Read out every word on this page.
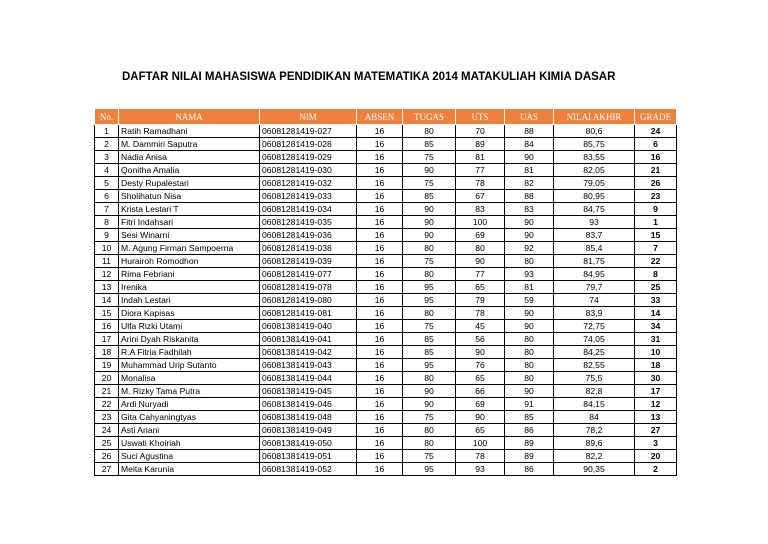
DAFTAR NILAI MAHASISWA PENDIDIKAN MATEMATIKA 2014 MATAKULIAH KIMIA DASAR
No.	NAMA	NIM	ABSEN	TUGAS	UTS	UAS	NILAI AKHIR	GRADE
1	Ratih Ramadhani	06081281419-027	16	80	70	88	80,6	24
2	M. Dammiri Saputra	06081281419-028	16	85	89	84	85,75	6
3	Nadia Anisa	06081281419-029	16	75	81	90	83,55	16
4	Qonitha Amalia	06081281419-030	16	90	77	81	82,05	21
5	Desty Rupalestari	06081281419-032	16	75	78	82	79,05	26
6	Sholihatun Nisa	06081281419-033	16	85	67	88	80,95	23
7	Krista Lestari T	06081281419-034	16	90	83	83	84,75	9
8	Fitri Indahsari	06081281419-035	16	90	100	90	93	1
9	Sesi Winarni	06081281419-036	16	90	69	90	83,7	15
10	M. Agung Firman Sampoerna	06081281419-038	16	80	80	92	85,4	7
11	Hurairoh Romodhon	06081281419-039	16	75	90	80	81,75	22
12	Rima Febriani	06081281419-077	16	80	77	93	84,95	8
13	Irenika	06081281419-078	16	95	65	81	79,7	25
14	Indah Lestari	06081281419-080	16	95	79	59	74	33
15	Diora Kapisas	06081281419-081	16	80	78	90	83,9	14
16	Ulfa Rizki Utami	06081381419-040	16	75	45	90	72,75	34
17	Arini Dyah Riskanita	06081381419-041	16	85	56	80	74,05	31
18	R.A Fitria Fadhilah	06081381419-042	16	85	90	80	84,25	10
19	Muhammad Urip Sutanto	06081381419-043	16	95	76	80	82,55	18
20	Monalisa	06081381419-044	16	80	65	80	75,5	30
21	M. Rizky Tama Putra	06081381419-045	16	90	66	90	82,8	17
22	Ardi Nuryadi	06081381419-046	16	90	69	91	84,15	12
23	Gita Cahyaningtyas	06081381419-048	16	75	90	85	84	13
24	Asti Ariani	06081381419-049	16	80	65	86	78,2	27
25	Uswati Khoiriah	06081381419-050	16	80	100	89	89,6	3
26	Suci Agustina	06081381419-051	16	75	78	89	82,2	20
27	Meita Karunia	06081381419-052	16	95	93	86	90,35	2
